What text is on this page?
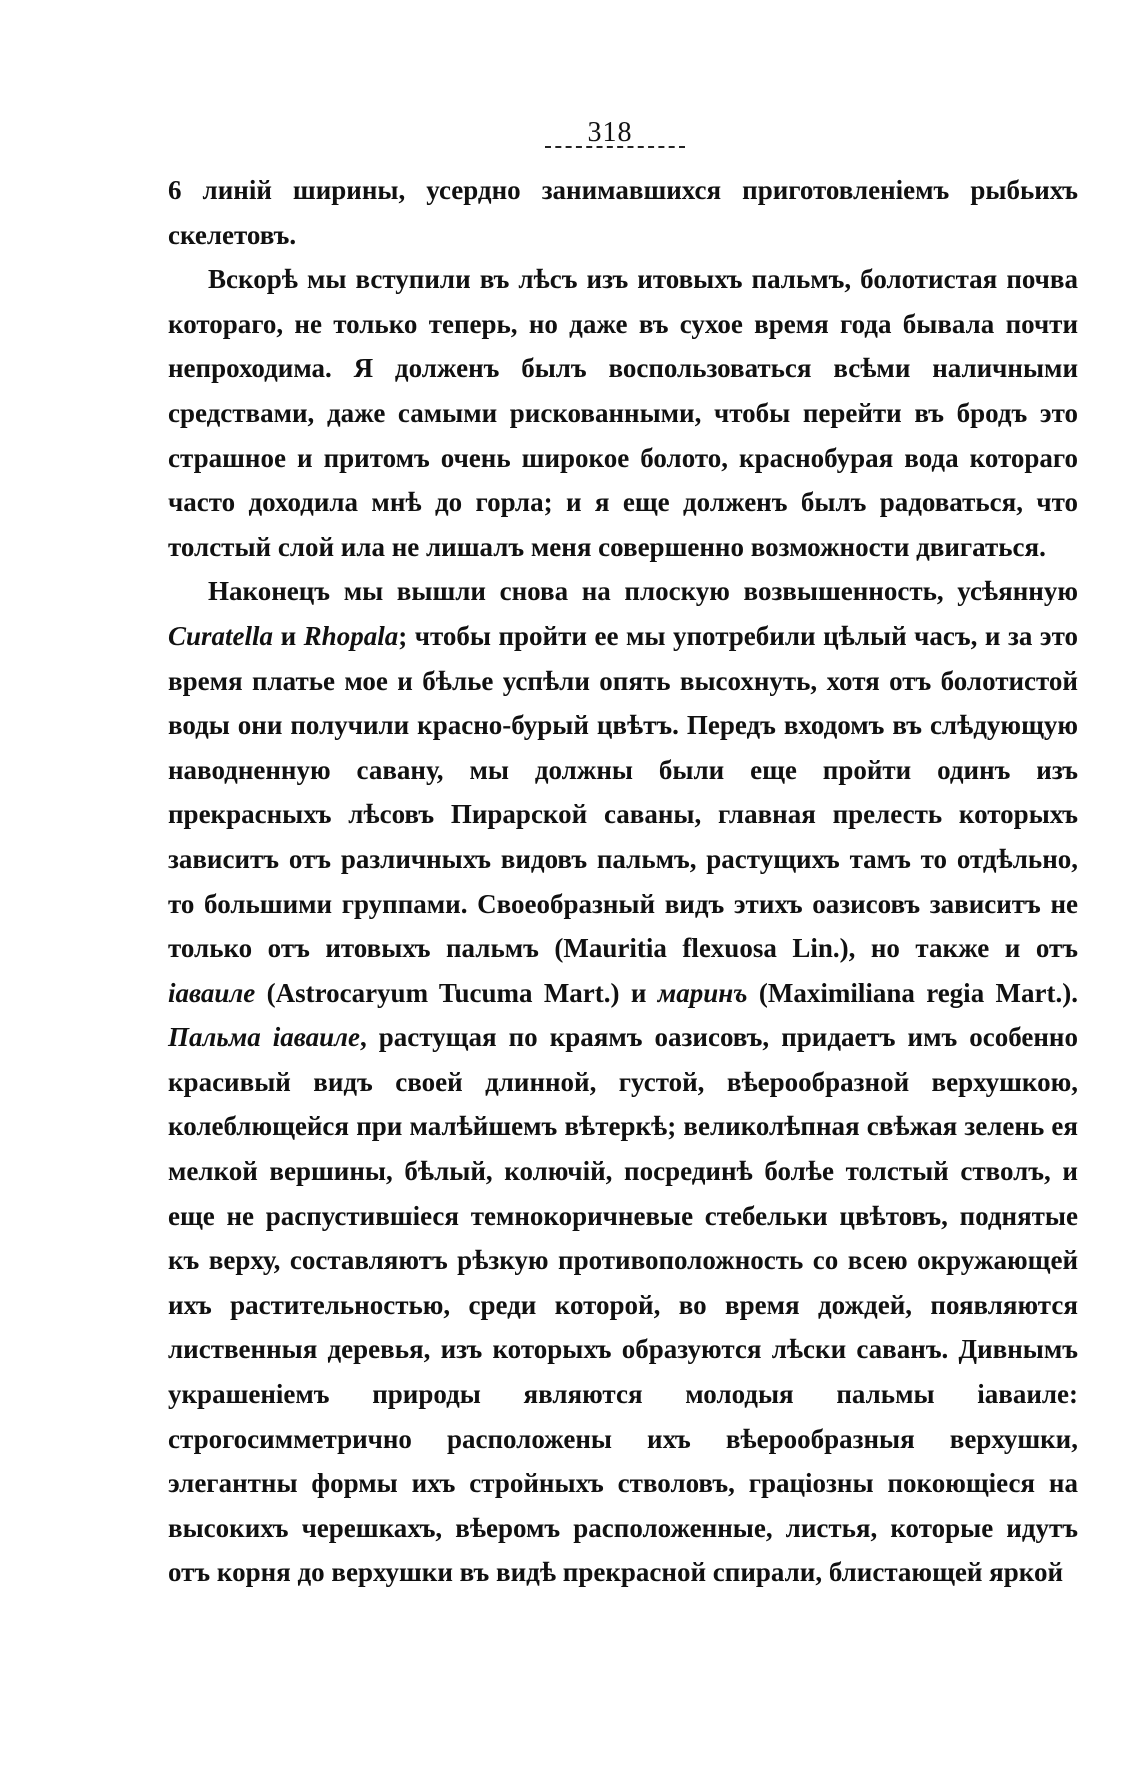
318

6 линій ширины, усердно занимавшихся приготовленіемъ рыбьихъ скелетовъ.

Вскорѣ мы вступили въ лѣсъ изъ итовыхъ пальмъ, болотистая почва котораго, не только теперь, но даже въ сухое время года бывала почти непроходима. Я долженъ былъ воспользоваться всѣми наличными средствами, даже самыми рискованными, чтобы перейти въ бродъ это страшное и притомъ очень широкое болото, краснобурая вода котораго часто доходила мнѣ до горла; и я еще долженъ былъ радоваться, что толстый слой ила не лишалъ меня совершенно возможности двигаться.

Наконецъ мы вышли снова на плоскую возвышенность, усѣянную Curatella и Rhopala; чтобы пройти ее мы употребили цѣлый часъ, и за это время платье мое и бѣлье успѣли опять высохнуть, хотя отъ болотистой воды они получили красно-бурый цвѣтъ. Передъ входомъ въ слѣдующую наводненную савану, мы должны были еще пройти одинъ изъ прекрасныхъ лѣсовъ Пирарской саваны, главная прелесть которыхъ зависитъ отъ различныхъ видовъ пальмъ, растущихъ тамъ то отдѣльно, то большими группами. Своеобразный видъ этихъ оазисовъ зависитъ не только отъ итовыхъ пальмъ (Mauritia flexuosa Lin.), но также и отъ іаваиле (Astrocaryum Tucuma Mart.) и маринъ (Maximiliana regia Mart.). Пальма іаваиле, растущая по краямъ оазисовъ, придаетъ имъ особенно красивый видъ своей длинной, густой, вѣерообразной верхушкою, колеблющейся при малѣйшемъ вѣтеркѣ; великолѣпная свѣжая зелень ея мелкой вершины, бѣлый, колючій, посрединѣ болѣе толстый стволъ, и еще не распустившіеся темнокоричневые стебельки цвѣтовъ, поднятые къ верху, составляютъ рѣзкую противоположность со всею окружающей ихъ растительностью, среди которой, во время дождей, появляются лиственныя деревья, изъ которыхъ образуются лѣски саванъ. Дивнымъ украшеніемъ природы являются молодыя пальмы іаваиле: строгосимметрично расположены ихъ вѣерообразныя верхушки, элегантны формы ихъ стройныхъ стволовъ, граціозны покоющіеся на высокихъ черешкахъ, вѣеромъ расположенные, листья, которые идутъ отъ корня до верхушки въ видѣ прекрасной спирали, блистающей яркой
